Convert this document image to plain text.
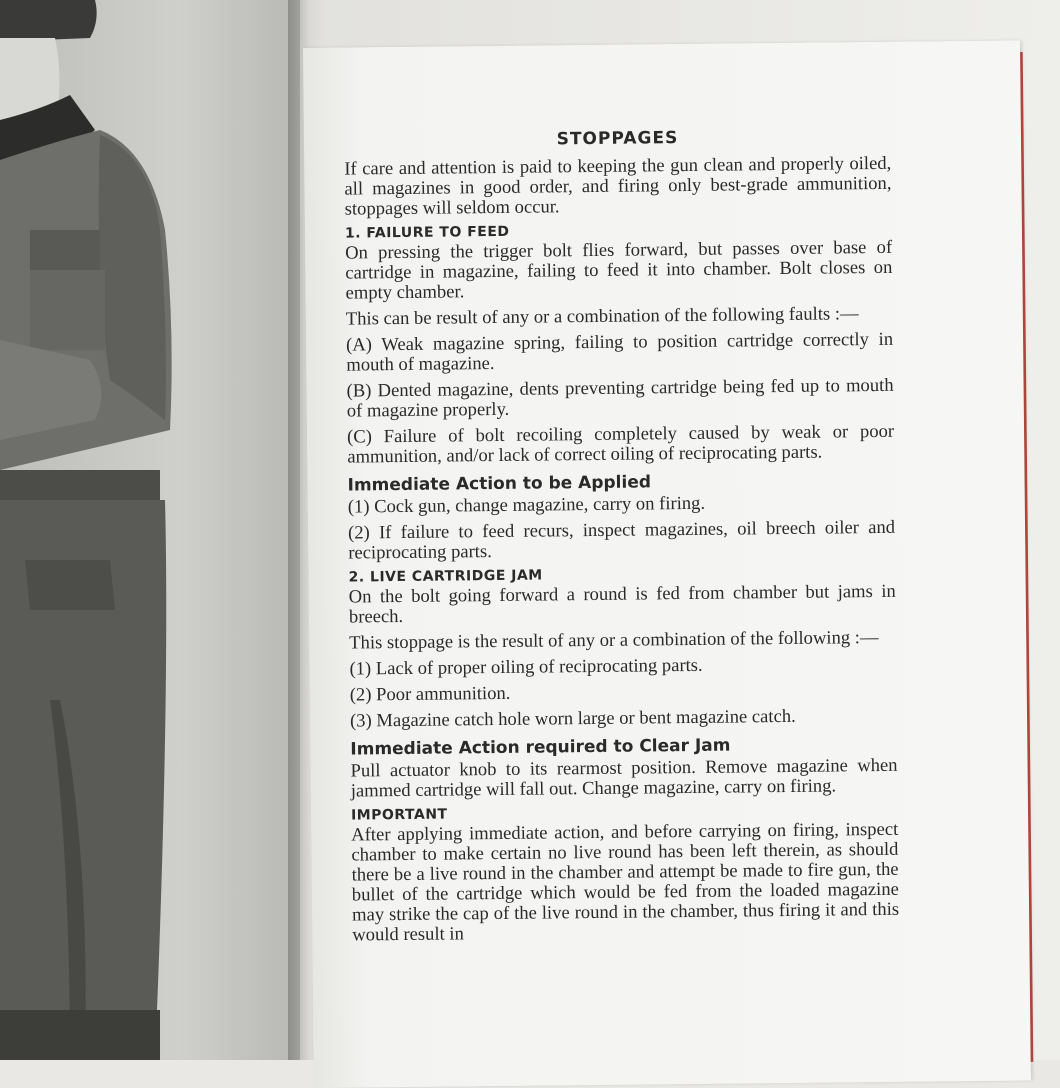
STOPPAGES

If care and attention is paid to keeping the gun clean and properly oiled, all magazines in good order, and firing only best-grade ammunition, stoppages will seldom occur.

1. FAILURE TO FEED

On pressing the trigger bolt flies forward, but passes over base of cartridge in magazine, failing to feed it into chamber. Bolt closes on empty chamber.

This can be result of any or a combination of the following faults :—

(A) Weak magazine spring, failing to position cartridge correctly in mouth of magazine.

(B) Dented magazine, dents preventing cartridge being fed up to mouth of magazine properly.

(C) Failure of bolt recoiling completely caused by weak or poor ammunition, and/or lack of correct oiling of reciprocating parts.

Immediate Action to be Applied

(1) Cock gun, change magazine, carry on firing.

(2) If failure to feed recurs, inspect magazines, oil breech oiler and reciprocating parts.

2. LIVE CARTRIDGE JAM

On the bolt going forward a round is fed from chamber but jams in breech.

This stoppage is the result of any or a combination of the following :—

(1) Lack of proper oiling of reciprocating parts.

(2) Poor ammunition.

(3) Magazine catch hole worn large or bent magazine catch.

Immediate Action required to Clear Jam

Pull actuator knob to its rearmost position. Remove magazine when jammed cartridge will fall out. Change magazine, carry on firing.

IMPORTANT

After applying immediate action, and before carrying on firing, inspect chamber to make certain no live round has been left therein, as should there be a live round in the chamber and attempt be made to fire gun, the bullet of the cartridge which would be fed from the loaded magazine may strike the cap of the live round in the chamber, thus firing it and this would result in
